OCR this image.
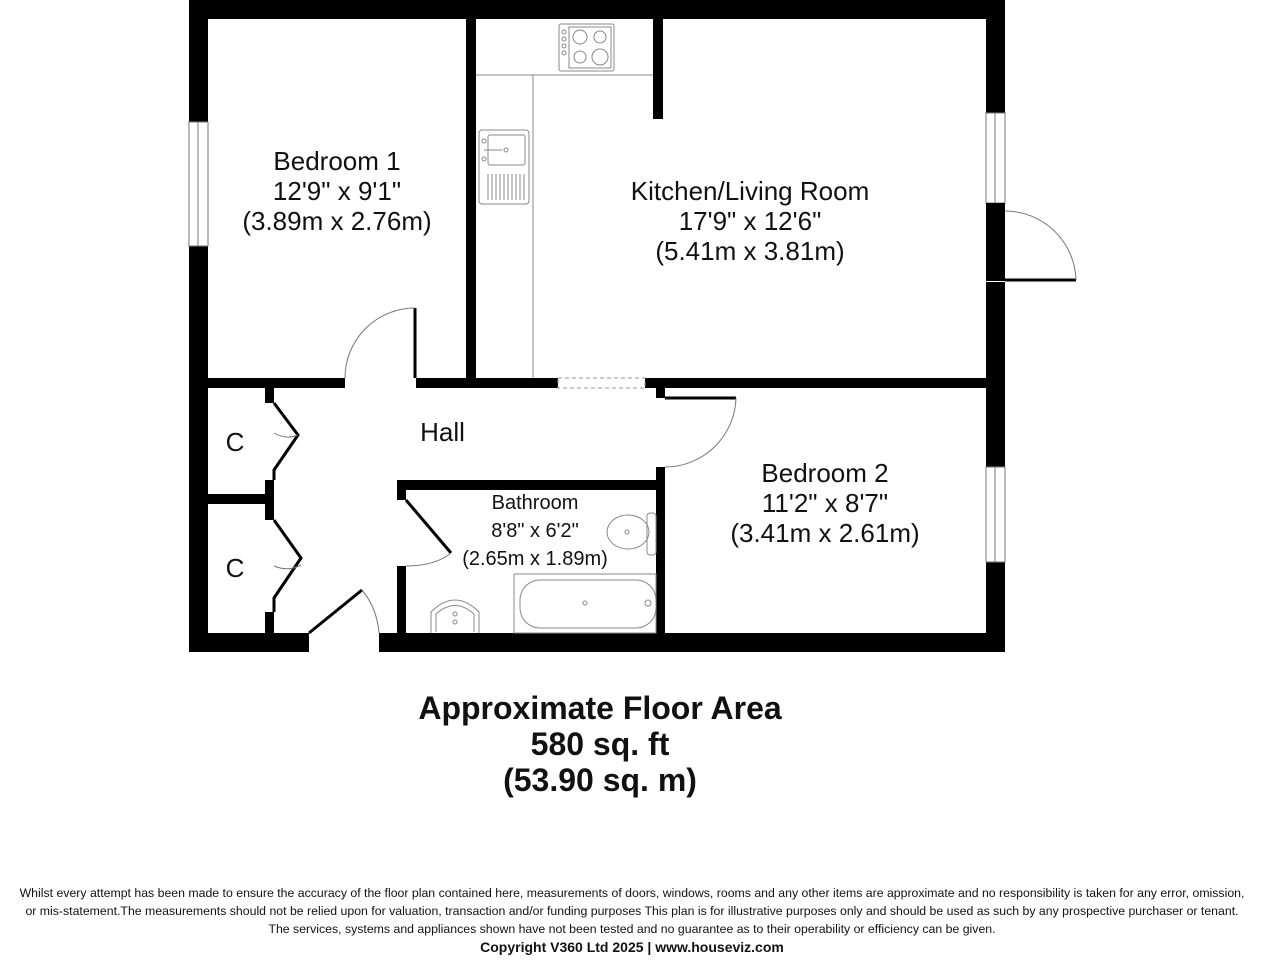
Bedroom 1
12'9" x 9'1"
(3.89m x 2.76m)
Kitchen/Living Room
17'9" x 12'6"
(5.41m x 3.81m)
Hall
C
C
Bathroom
8'8" x 6'2"
(2.65m x 1.89m)
Bedroom 2
11'2" x 8'7"
(3.41m x 2.61m)
Approximate Floor Area
580 sq. ft
(53.90 sq. m)
Whilst every attempt has been made to ensure the accuracy of the floor plan contained here, measurements of doors, windows, rooms and any other items are approximate and no responsibility is taken for any error, omission,
or mis-statement.The measurements should not be relied upon for valuation, transaction and/or funding purposes This plan is for illustrative purposes only and should be used as such by any prospective purchaser or tenant.
The services, systems and appliances shown have not been tested and no guarantee as to their operability or efficiency can be given.
Copyright V360 Ltd 2025 | www.houseviz.com
